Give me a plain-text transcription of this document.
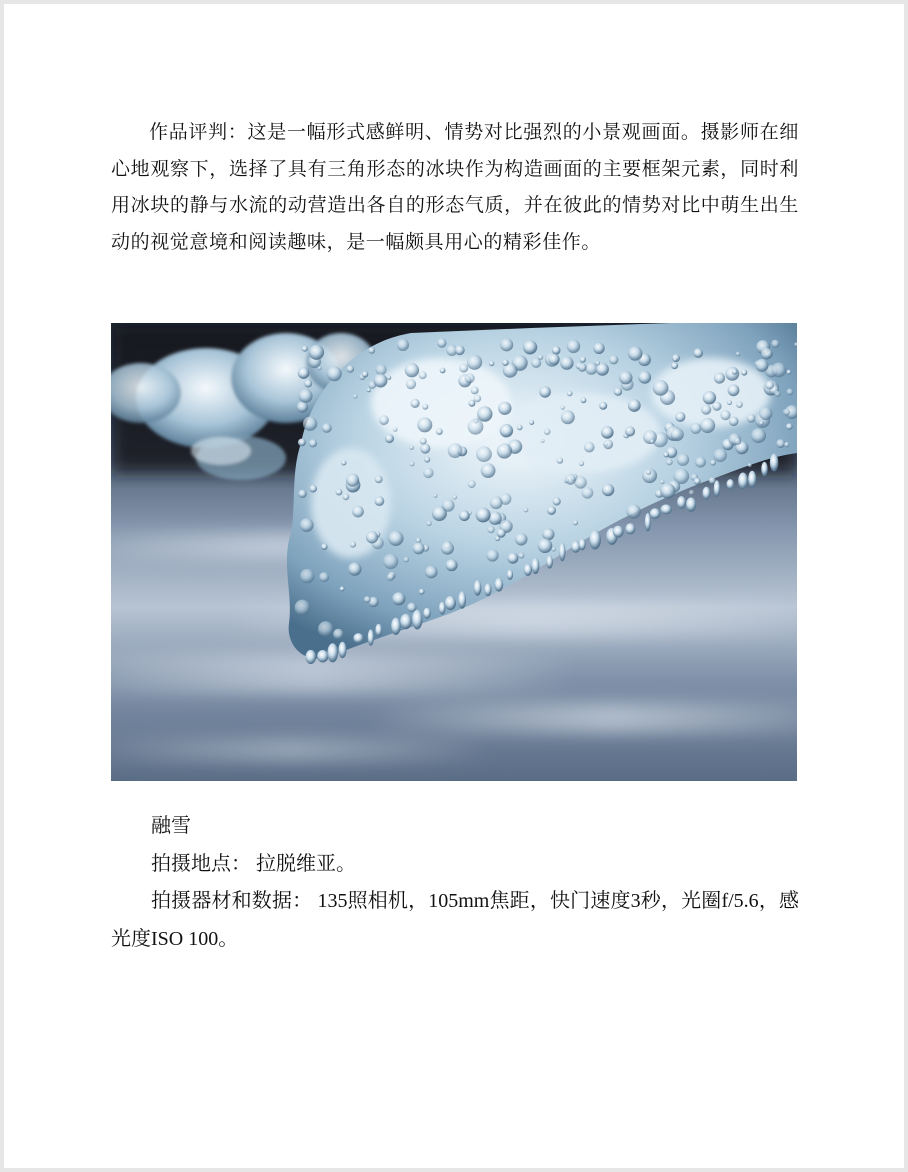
作品评判：这是一幅形式感鲜明、情势对比强烈的小景观画面。摄影师在细心地观察下，选择了具有三角形态的冰块作为构造画面的主要框架元素，同时利用冰块的静与水流的动营造出各自的形态气质，并在彼此的情势对比中萌生出生动的视觉意境和阅读趣味，是一幅颇具用心的精彩佳作。

融雪

拍摄地点： 拉脱维亚。

拍摄器材和数据： 135照相机，105mm焦距，快门速度3秒，光圈f/5.6，感光度ISO 100。
